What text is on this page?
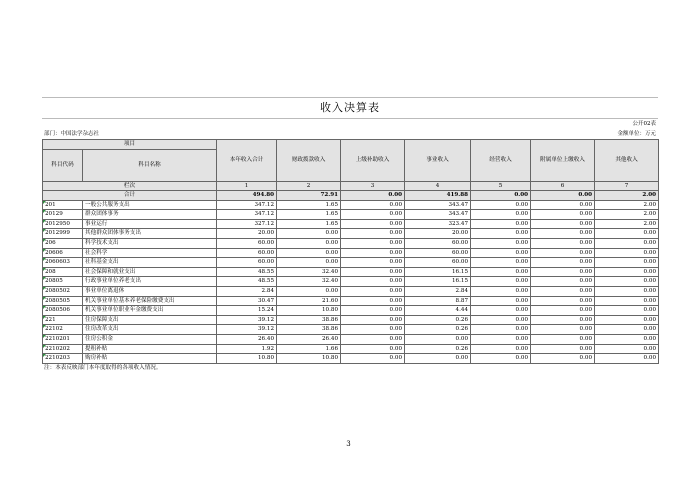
收入决算表
公开02表
部门：中国法学杂志社	金额单位：万元
项目		本年收入合计	财政拨款收入	上级补助收入	事业收入	经营收入	附属单位上缴收入	其他收入
科目代码	科目名称							
栏次		1	2	3	4	5	6	7
合计		494.80	72.91	0.00	419.88	0.00	0.00	2.00
201	一般公共服务支出	347.12	1.65	0.00	343.47	0.00	0.00	2.00
20129	群众团体事务	347.12	1.65	0.00	343.47	0.00	0.00	2.00
2012950	事业运行	327.12	1.65	0.00	323.47	0.00	0.00	2.00
2012999	其他群众团体事务支出	20.00	0.00	0.00	20.00	0.00	0.00	0.00
206	科学技术支出	60.00	0.00	0.00	60.00	0.00	0.00	0.00
20606	社会科学	60.00	0.00	0.00	60.00	0.00	0.00	0.00
2060603	社科基金支出	60.00	0.00	0.00	60.00	0.00	0.00	0.00
208	社会保障和就业支出	48.55	32.40	0.00	16.15	0.00	0.00	0.00
20805	行政事业单位养老支出	48.55	32.40	0.00	16.15	0.00	0.00	0.00
2080502	事业单位离退休	2.84	0.00	0.00	2.84	0.00	0.00	0.00
2080505	机关事业单位基本养老保险缴费支出	30.47	21.60	0.00	8.87	0.00	0.00	0.00
2080506	机关事业单位职业年金缴费支出	15.24	10.80	0.00	4.44	0.00	0.00	0.00
221	住房保障支出	39.12	38.86	0.00	0.26	0.00	0.00	0.00
22102	住房改革支出	39.12	38.86	0.00	0.26	0.00	0.00	0.00
2210201	住房公积金	26.40	26.40	0.00	0.00	0.00	0.00	0.00
2210202	提租补贴	1.92	1.66	0.00	0.26	0.00	0.00	0.00
2210203	购房补贴	10.80	10.80	0.00	0.00	0.00	0.00	0.00
注：本表反映部门本年度取得的各项收入情况。
3
